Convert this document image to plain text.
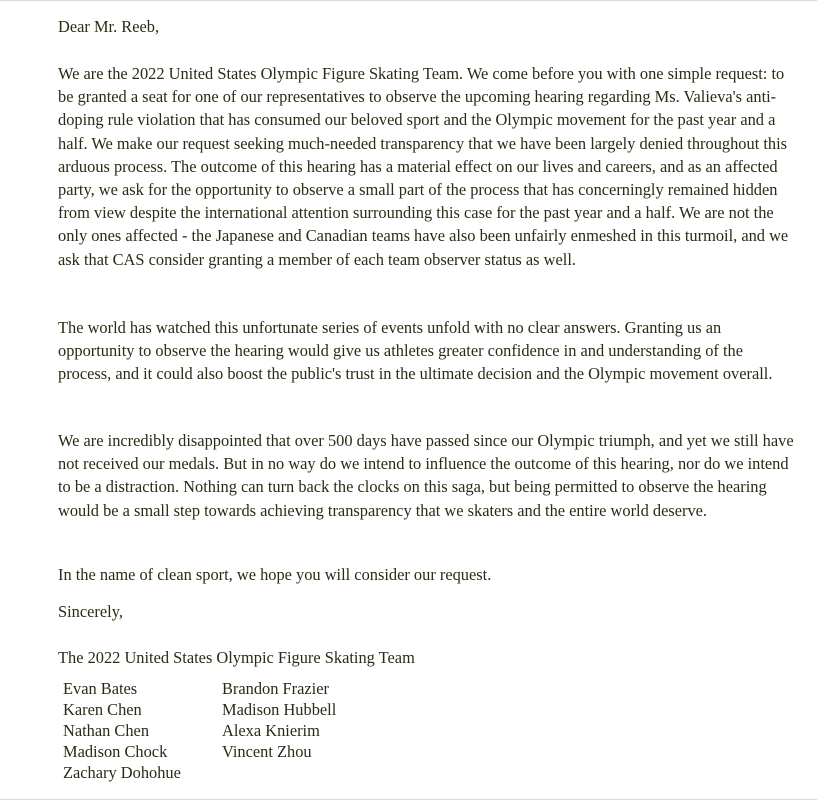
Dear Mr. Reeb,

We are the 2022 United States Olympic Figure Skating Team. We come before you with one simple request: to be granted a seat for one of our representatives to observe the upcoming hearing regarding Ms. Valieva's anti-doping rule violation that has consumed our beloved sport and the Olympic movement for the past year and a half. We make our request seeking much-needed transparency that we have been largely denied throughout this arduous process. The outcome of this hearing has a material effect on our lives and careers, and as an affected party, we ask for the opportunity to observe a small part of the process that has concerningly remained hidden from view despite the international attention surrounding this case for the past year and a half. We are not the only ones affected - the Japanese and Canadian teams have also been unfairly enmeshed in this turmoil, and we ask that CAS consider granting a member of each team observer status as well.

The world has watched this unfortunate series of events unfold with no clear answers. Granting us an opportunity to observe the hearing would give us athletes greater confidence in and understanding of the process, and it could also boost the public's trust in the ultimate decision and the Olympic movement overall.

We are incredibly disappointed that over 500 days have passed since our Olympic triumph, and yet we still have not received our medals. But in no way do we intend to influence the outcome of this hearing, nor do we intend to be a distraction. Nothing can turn back the clocks on this saga, but being permitted to observe the hearing would be a small step towards achieving transparency that we skaters and the entire world deserve.

In the name of clean sport, we hope you will consider our request.

Sincerely,
The 2022 United States Olympic Figure Skating Team
Evan Bates
Karen Chen
Nathan Chen
Madison Chock
Zachary Dohohue
Brandon Frazier
Madison Hubbell
Alexa Knierim
Vincent Zhou
